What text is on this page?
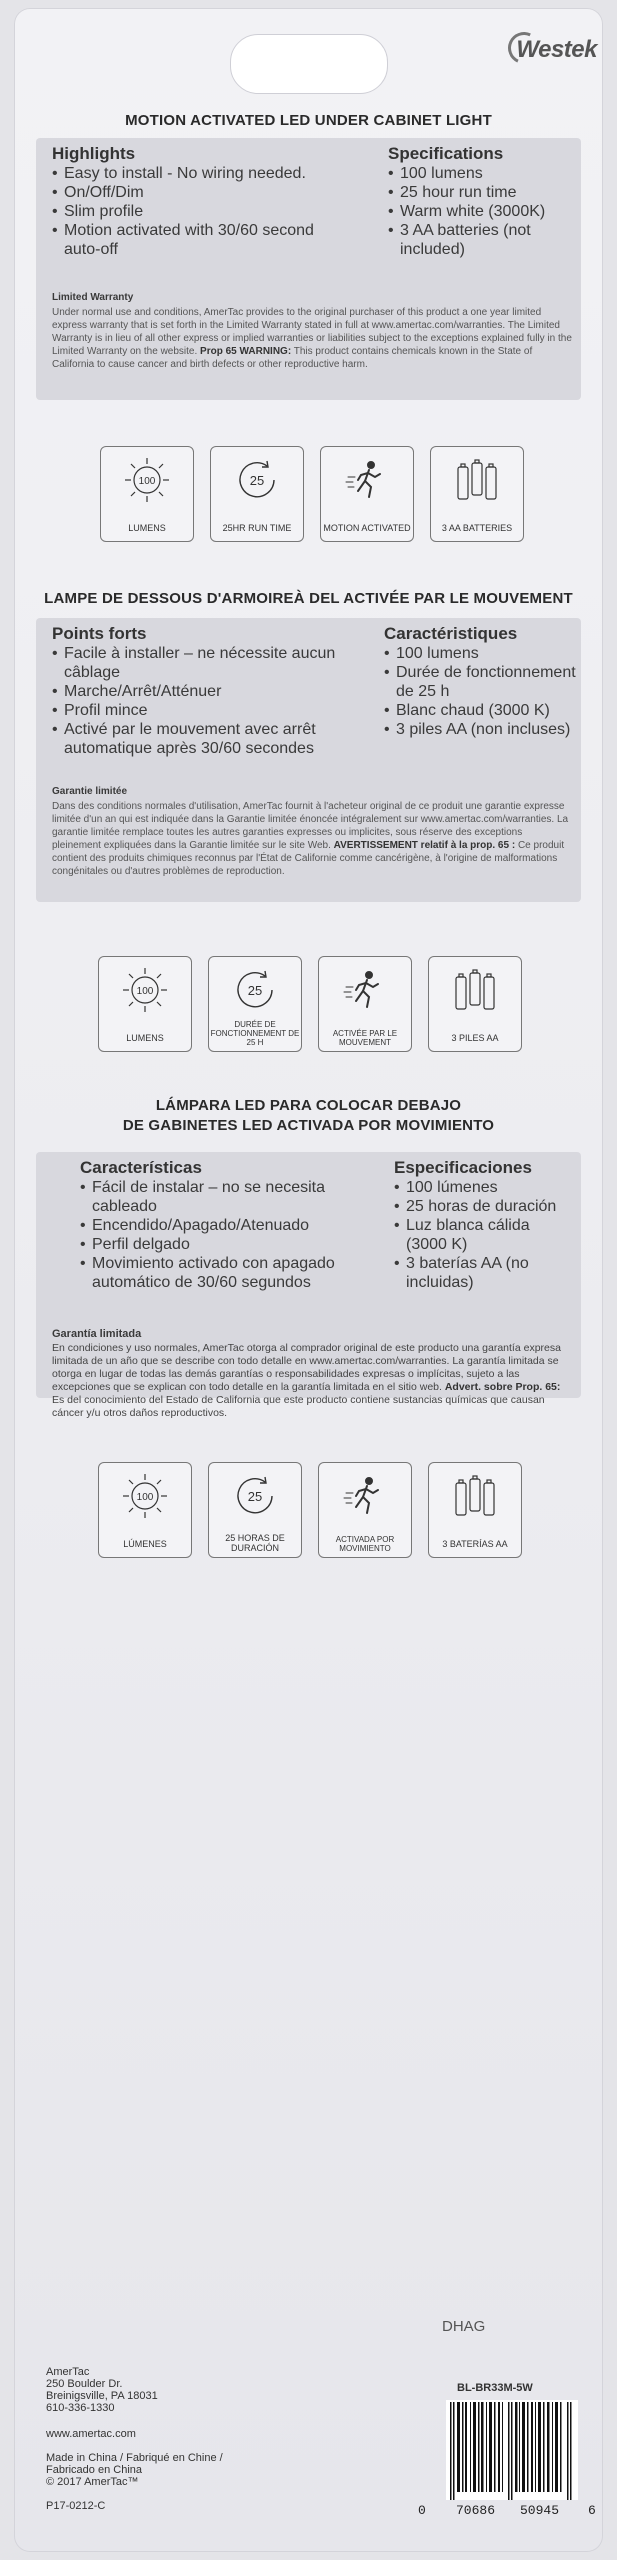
Westek
MOTION ACTIVATED LED UNDER CABINET LIGHT
Highlights
• Easy to install - No wiring needed.
• On/Off/Dim
• Slim profile
• Motion activated with 30/60 second auto-off
Specifications
• 100 lumens
• 25 hour run time
• Warm white (3000K)
• 3 AA batteries (not included)
Limited Warranty
Under normal use and conditions, AmerTac provides to the original purchaser of this product a one year limited express warranty that is set forth in the Limited Warranty stated in full at www.amertac.com/warranties. The Limited Warranty is in lieu of all other express or implied warranties or liabilities subject to the exceptions explained fully in the Limited Warranty on the website. Prop 65 WARNING: This product contains chemicals known in the State of California to cause cancer and birth defects or other reproductive harm.
100
LUMENS
25
25HR RUN TIME	MOTION ACTIVATED	3 AA BATTERIES
LAMPE DE DESSOUS D'ARMOIREÀ DEL ACTIVÉE PAR LE MOUVEMENT
Points forts
• Facile à installer – ne nécessite aucun câblage
• Marche/Arrêt/Atténuer
• Profil mince
• Activé par le mouvement avec arrêt automatique après 30/60 secondes
Caractéristiques
• 100 lumens
• Durée de fonctionnement de 25 h
• Blanc chaud (3000 K)
• 3 piles AA (non incluses)
Garantie limitée
Dans des conditions normales d'utilisation, AmerTac fournit à l'acheteur original de ce produit une garantie expresse limitée d'un an qui est indiquée dans la Garantie limitée énoncée intégralement sur www.amertac.com/warranties. La garantie limitée remplace toutes les autres garanties expresses ou implicites, sous réserve des exceptions pleinement expliquées dans la Garantie limitée sur le site Web. AVERTISSEMENT relatif à la prop. 65 : Ce produit contient des produits chimiques reconnus par l'État de Californie comme cancérigène, à l'origine de malformations congénitales ou d'autres problèmes de reproduction.
100
LUMENS
25
DURÉE DE FONCTIONNEMENT DE 25 H
ACTIVÉE PAR LE MOUVEMENT	3 PILES AA
LÁMPARA LED PARA COLOCAR DEBAJO
DE GABINETES LED ACTIVADA POR MOVIMIENTO
Características
• Fácil de instalar – no se necesita cableado
• Encendido/Apagado/Atenuado
• Perfil delgado
• Movimiento activado con apagado automático de 30/60 segundos
Especificaciones
• 100 lúmenes
• 25 horas de duración
• Luz blanca cálida (3000 K)
• 3 baterías AA (no incluidas)
Garantía limitada
En condiciones y uso normales, AmerTac otorga al comprador original de este producto una garantía expresa limitada de un año que se describe con todo detalle en www.amertac.com/warranties. La garantía limitada se otorga en lugar de todas las demás garantías o responsabilidades expresas o implícitas, sujeto a las excepciones que se explican con todo detalle en la garantía limitada en el sitio web. Advert. sobre Prop. 65: Es del conocimiento del Estado de California que este producto contiene sustancias químicas que causan cáncer y/u otros daños reproductivos.
100
LÚMENES
25
25 HORAS DE DURACIÓN
ACTIVADA POR MOVIMIENTO	3 BATERÍAS AA
AmerTac
250 Boulder Dr.
Breinigsville, PA 18031
610-336-1330
www.amertac.com
Made in China / Fabriqué en Chine /
Fabricado en China
© 2017 AmerTac™
P17-0212-C
DHAG
BL-BR33M-5W
0 70686 50945 6
